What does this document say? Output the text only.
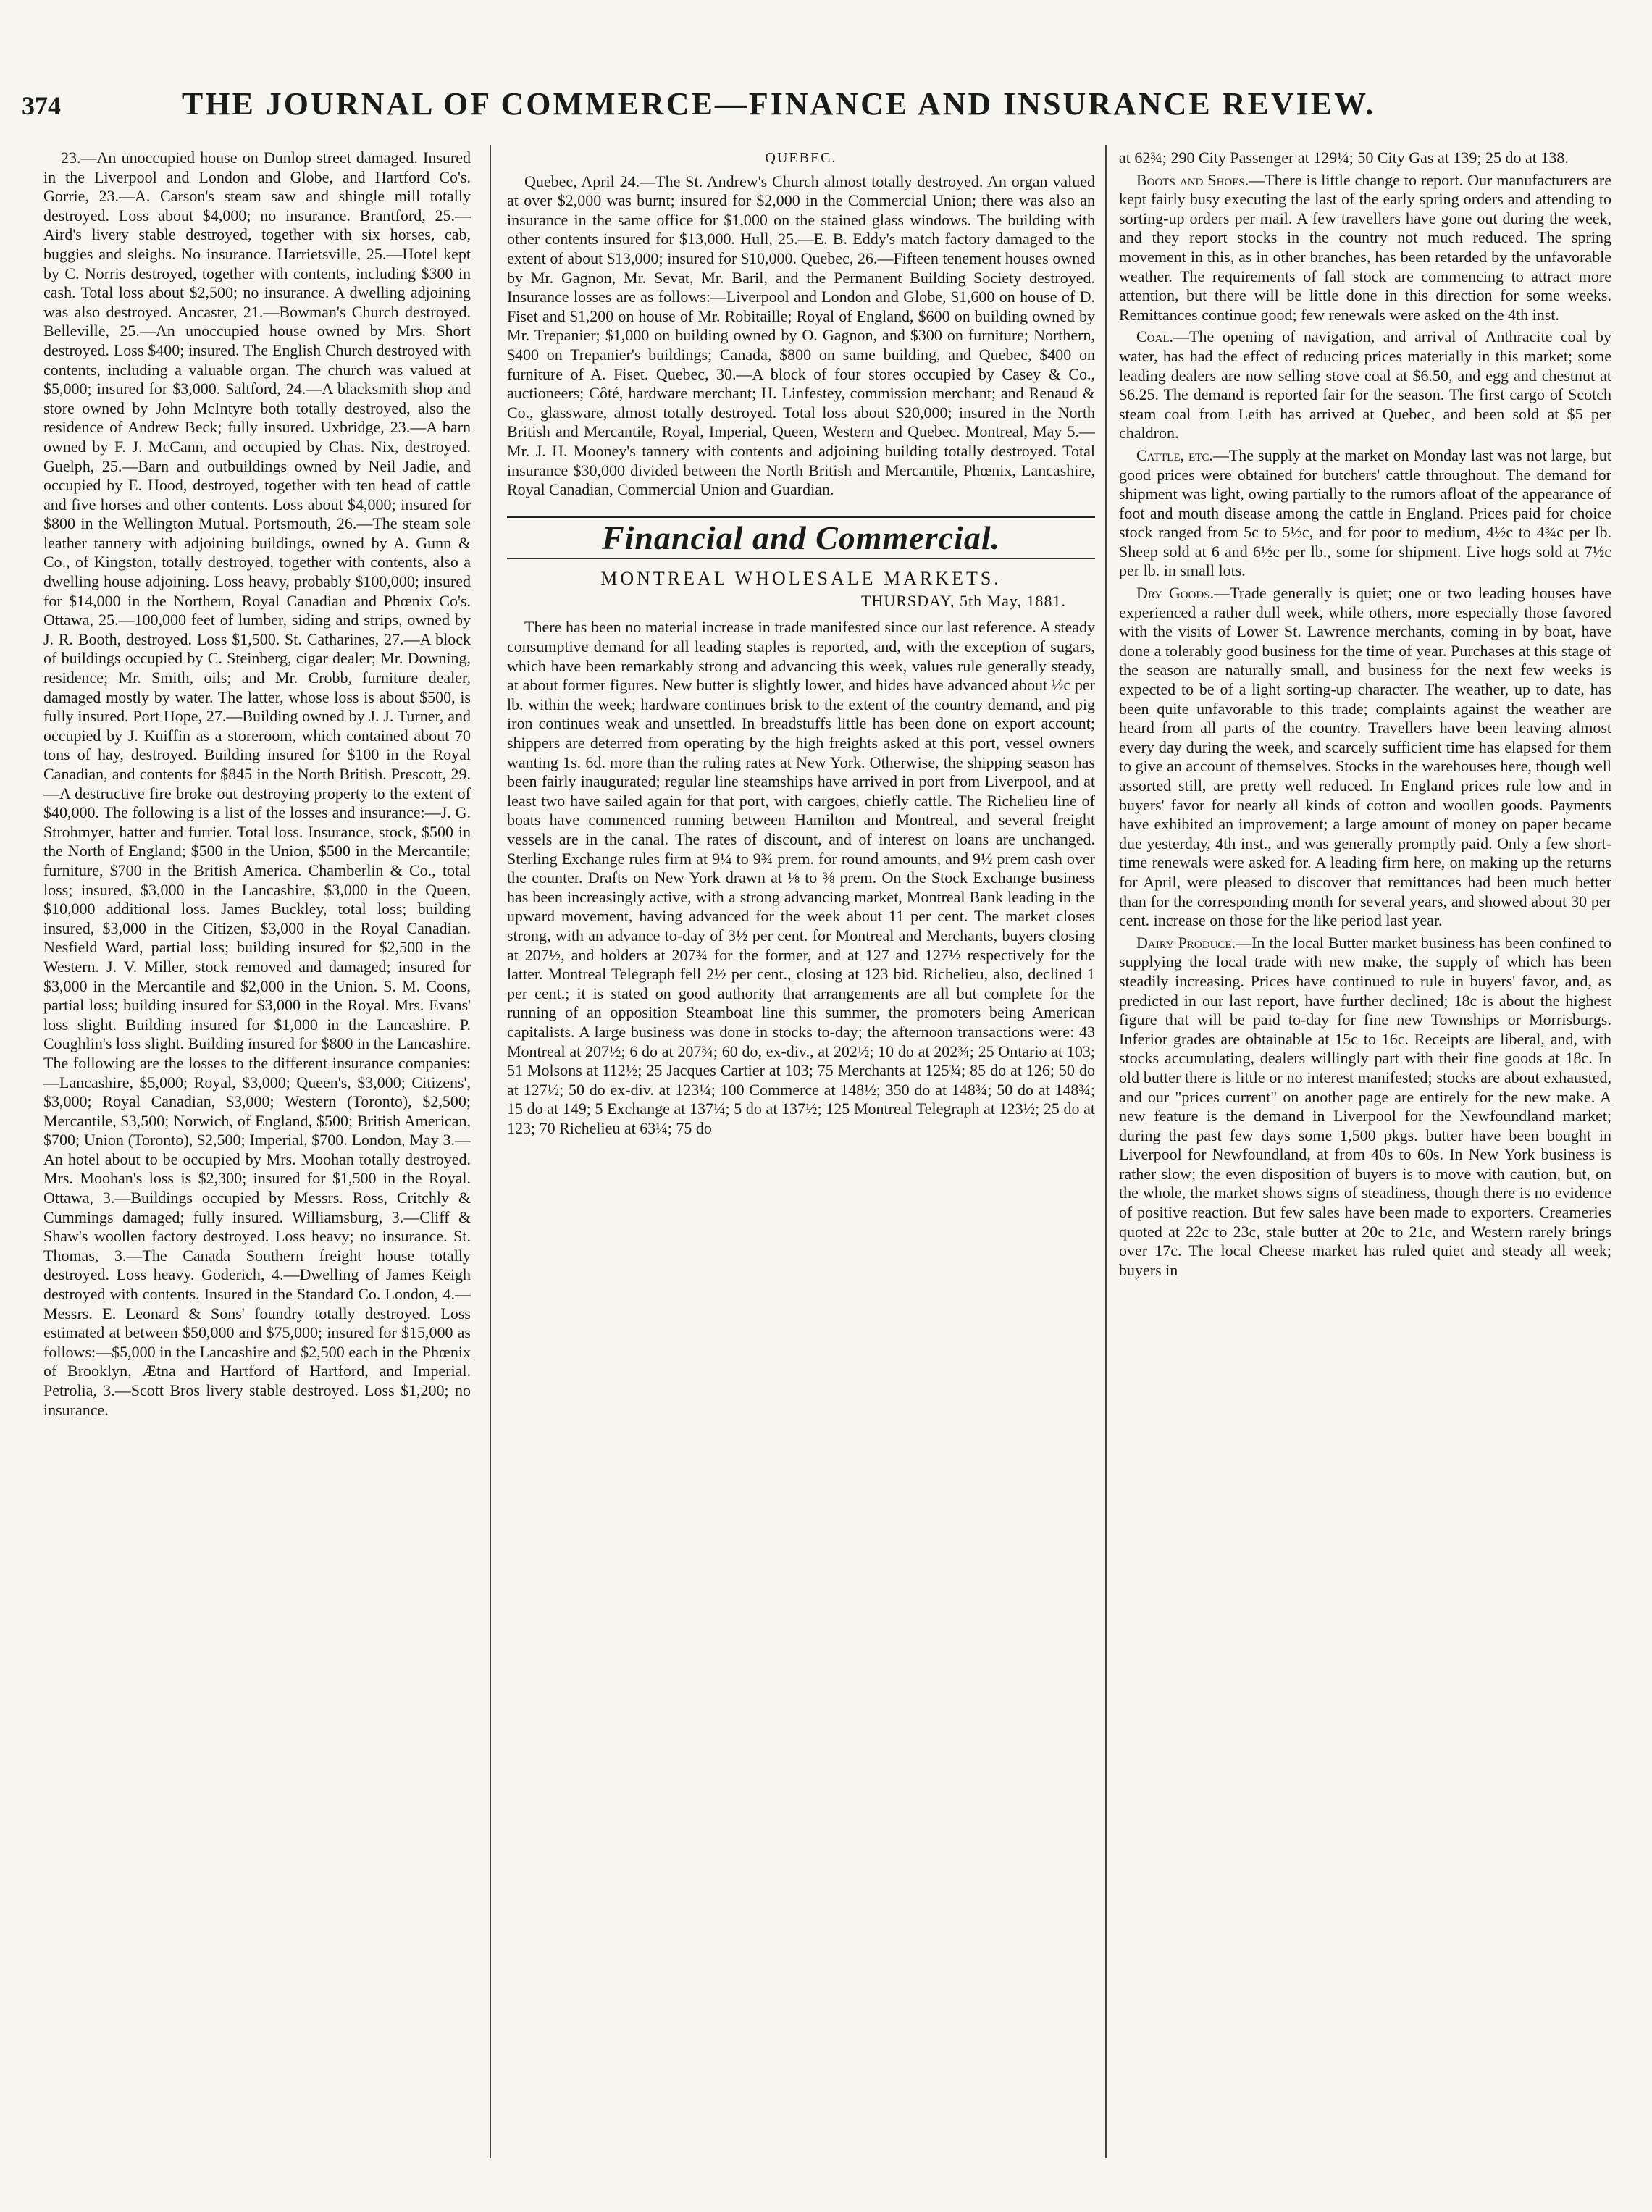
374	THE JOURNAL OF COMMERCE—FINANCE AND INSURANCE REVIEW.

23.—An unoccupied house on Dunlop street damaged. Insured in the Liverpool and London and Globe, and Hartford Co's. Gorrie, 23.—A. Carson's steam saw and shingle mill totally destroyed. Loss about $4,000; no insurance. Brantford, 25.—Aird's livery stable destroyed, together with six horses, cab, buggies and sleighs. No insurance. Harrietsville, 25.—Hotel kept by C. Norris destroyed, together with contents, including $300 in cash. Total loss about $2,500; no insurance. A dwelling adjoining was also destroyed. Ancaster, 21.—Bowman's Church destroyed. Belleville, 25.—An unoccupied house owned by Mrs. Short destroyed. Loss $400; insured. The English Church destroyed with contents, including a valuable organ. The church was valued at $5,000; insured for $3,000. Saltford, 24.—A blacksmith shop and store owned by John McIntyre both totally destroyed, also the residence of Andrew Beck; fully insured. Uxbridge, 23.—A barn owned by F. J. McCann, and occupied by Chas. Nix, destroyed. Guelph, 25.—Barn and outbuildings owned by Neil Jadie, and occupied by E. Hood, destroyed, together with ten head of cattle and five horses and other contents. Loss about $4,000; insured for $800 in the Wellington Mutual. Portsmouth, 26.—The steam sole leather tannery with adjoining buildings, owned by A. Gunn & Co., of Kingston, totally destroyed, together with contents, also a dwelling house adjoining. Loss heavy, probably $100,000; insured for $14,000 in the Northern, Royal Canadian and Phœnix Co's. Ottawa, 25.—100,000 feet of lumber, siding and strips, owned by J. R. Booth, destroyed. Loss $1,500. St. Catharines, 27.—A block of buildings occupied by C. Steinberg, cigar dealer; Mr. Downing, residence; Mr. Smith, oils; and Mr. Crobb, furniture dealer, damaged mostly by water. The latter, whose loss is about $500, is fully insured. Port Hope, 27.—Building owned by J. J. Turner, and occupied by J. Kuiffin as a storeroom, which contained about 70 tons of hay, destroyed. Building insured for $100 in the Royal Canadian, and contents for $845 in the North British. Prescott, 29.—A destructive fire broke out destroying property to the extent of $40,000. The following is a list of the losses and insurance:—J. G. Strohmyer, hatter and furrier. Total loss. Insurance, stock, $500 in the North of England; $500 in the Union, $500 in the Mercantile; furniture, $700 in the British America. Chamberlin & Co., total loss; insured, $3,000 in the Lancashire, $3,000 in the Queen, $10,000 additional loss. James Buckley, total loss; building insured, $3,000 in the Citizen, $3,000 in the Royal Canadian. Nesfield Ward, partial loss; building insured for $2,500 in the Western. J. V. Miller, stock removed and damaged; insured for $3,000 in the Mercantile and $2,000 in the Union. S. M. Coons, partial loss; building insured for $3,000 in the Royal. Mrs. Evans' loss slight. Building insured for $1,000 in the Lancashire. P. Coughlin's loss slight. Building insured for $800 in the Lancashire. The following are the losses to the different insurance companies:—Lancashire, $5,000; Royal, $3,000; Queen's, $3,000; Citizens', $3,000; Royal Canadian, $3,000; Western (Toronto), $2,500; Mercantile, $3,500; Norwich, of England, $500; British American, $700; Union (Toronto), $2,500; Imperial, $700. London, May 3.—An hotel about to be occupied by Mrs. Moohan totally destroyed. Mrs. Moohan's loss is $2,300; insured for $1,500 in the Royal. Ottawa, 3.—Buildings occupied by Messrs. Ross, Critchly & Cummings damaged; fully insured. Williamsburg, 3.—Cliff & Shaw's woollen factory destroyed. Loss heavy; no insurance. St. Thomas, 3.—The Canada Southern freight house totally destroyed. Loss heavy. Goderich, 4.—Dwelling of James Keigh destroyed with contents. Insured in the Standard Co. London, 4.—Messrs. E. Leonard & Sons' foundry totally destroyed. Loss estimated at between $50,000 and $75,000; insured for $15,000 as follows:—$5,000 in the Lancashire and $2,500 each in the Phœnix of Brooklyn, Ætna and Hartford of Hartford, and Imperial. Petrolia, 3.—Scott Bros livery stable destroyed. Loss $1,200; no insurance.

QUEBEC.

Quebec, April 24.—The St. Andrew's Church almost totally destroyed. An organ valued at over $2,000 was burnt; insured for $2,000 in the Commercial Union; there was also an insurance in the same office for $1,000 on the stained glass windows. The building with other contents insured for $13,000. Hull, 25.—E. B. Eddy's match factory damaged to the extent of about $13,000; insured for $10,000. Quebec, 26.—Fifteen tenement houses owned by Mr. Gagnon, Mr. Sevat, Mr. Baril, and the Permanent Building Society destroyed. Insurance losses are as follows:—Liverpool and London and Globe, $1,600 on house of D. Fiset and $1,200 on house of Mr. Robitaille; Royal of England, $600 on building owned by Mr. Trepanier; $1,000 on building owned by O. Gagnon, and $300 on furniture; Northern, $400 on Trepanier's buildings; Canada, $800 on same building, and Quebec, $400 on furniture of A. Fiset. Quebec, 30.—A block of four stores occupied by Casey & Co., auctioneers; Côté, hardware merchant; H. Linfestey, commission merchant; and Renaud & Co., glassware, almost totally destroyed. Total loss about $20,000; insured in the North British and Mercantile, Royal, Imperial, Queen, Western and Quebec. Montreal, May 5.—Mr. J. H. Mooney's tannery with contents and adjoining building totally destroyed. Total insurance $30,000 divided between the North British and Mercantile, Phœnix, Lancashire, Royal Canadian, Commercial Union and Guardian.

Financial and Commercial.
MONTREAL WHOLESALE MARKETS.
THURSDAY, 5th May, 1881.

There has been no material increase in trade manifested since our last reference. A steady consumptive demand for all leading staples is reported, and, with the exception of sugars, which have been remarkably strong and advancing this week, values rule generally steady, at about former figures. New butter is slightly lower, and hides have advanced about ½c per lb. within the week; hardware continues brisk to the extent of the country demand, and pig iron continues weak and unsettled. In breadstuffs little has been done on export account; shippers are deterred from operating by the high freights asked at this port, vessel owners wanting 1s. 6d. more than the ruling rates at New York. Otherwise, the shipping season has been fairly inaugurated; regular line steamships have arrived in port from Liverpool, and at least two have sailed again for that port, with cargoes, chiefly cattle. The Richelieu line of boats have commenced running between Hamilton and Montreal, and several freight vessels are in the canal. The rates of discount, and of interest on loans are unchanged. Sterling Exchange rules firm at 9¼ to 9¾ prem. for round amounts, and 9½ prem cash over the counter. Drafts on New York drawn at ⅛ to ⅜ prem. On the Stock Exchange business has been increasingly active, with a strong advancing market, Montreal Bank leading in the upward movement, having advanced for the week about 11 per cent. The market closes strong, with an advance to-day of 3½ per cent. for Montreal and Merchants, buyers closing at 207½, and holders at 207¾ for the former, and at 127 and 127½ respectively for the latter. Montreal Telegraph fell 2½ per cent., closing at 123 bid. Richelieu, also, declined 1 per cent.; it is stated on good authority that arrangements are all but complete for the running of an opposition Steamboat line this summer, the promoters being American capitalists. A large business was done in stocks to-day; the afternoon transactions were: 43 Montreal at 207½; 6 do at 207¾; 60 do, ex-div., at 202½; 10 do at 202¾; 25 Ontario at 103; 51 Molsons at 112½; 25 Jacques Cartier at 103; 75 Merchants at 125¾; 85 do at 126; 50 do at 127½; 50 do ex-div. at 123¼; 100 Commerce at 148½; 350 do at 148¾; 50 do at 148¾; 15 do at 149; 5 Exchange at 137¼; 5 do at 137½; 125 Montreal Telegraph at 123½; 25 do at 123; 70 Richelieu at 63¼; 75 do

at 62¾; 290 City Passenger at 129¼; 50 City Gas at 139; 25 do at 138.

Boots and Shoes.—There is little change to report. Our manufacturers are kept fairly busy executing the last of the early spring orders and attending to sorting-up orders per mail. A few travellers have gone out during the week, and they report stocks in the country not much reduced. The spring movement in this, as in other branches, has been retarded by the unfavorable weather. The requirements of fall stock are commencing to attract more attention, but there will be little done in this direction for some weeks. Remittances continue good; few renewals were asked on the 4th inst.

Coal.—The opening of navigation, and arrival of Anthracite coal by water, has had the effect of reducing prices materially in this market; some leading dealers are now selling stove coal at $6.50, and egg and chestnut at $6.25. The demand is reported fair for the season. The first cargo of Scotch steam coal from Leith has arrived at Quebec, and been sold at $5 per chaldron.

Cattle, etc.—The supply at the market on Monday last was not large, but good prices were obtained for butchers' cattle throughout. The demand for shipment was light, owing partially to the rumors afloat of the appearance of foot and mouth disease among the cattle in England. Prices paid for choice stock ranged from 5c to 5½c, and for poor to medium, 4½c to 4¾c per lb. Sheep sold at 6 and 6½c per lb., some for shipment. Live hogs sold at 7½c per lb. in small lots.

Dry Goods.—Trade generally is quiet; one or two leading houses have experienced a rather dull week, while others, more especially those favored with the visits of Lower St. Lawrence merchants, coming in by boat, have done a tolerably good business for the time of year. Purchases at this stage of the season are naturally small, and business for the next few weeks is expected to be of a light sorting-up character. The weather, up to date, has been quite unfavorable to this trade; complaints against the weather are heard from all parts of the country. Travellers have been leaving almost every day during the week, and scarcely sufficient time has elapsed for them to give an account of themselves. Stocks in the warehouses here, though well assorted still, are pretty well reduced. In England prices rule low and in buyers' favor for nearly all kinds of cotton and woollen goods. Payments have exhibited an improvement; a large amount of money on paper became due yesterday, 4th inst., and was generally promptly paid. Only a few short-time renewals were asked for. A leading firm here, on making up the returns for April, were pleased to discover that remittances had been much better than for the corresponding month for several years, and showed about 30 per cent. increase on those for the like period last year.

Dairy Produce.—In the local Butter market business has been confined to supplying the local trade with new make, the supply of which has been steadily increasing. Prices have continued to rule in buyers' favor, and, as predicted in our last report, have further declined; 18c is about the highest figure that will be paid to-day for fine new Townships or Morrisburgs. Inferior grades are obtainable at 15c to 16c. Receipts are liberal, and, with stocks accumulating, dealers willingly part with their fine goods at 18c. In old butter there is little or no interest manifested; stocks are about exhausted, and our "prices current" on another page are entirely for the new make. A new feature is the demand in Liverpool for the Newfoundland market; during the past few days some 1,500 pkgs. butter have been bought in Liverpool for Newfoundland, at from 40s to 60s. In New York business is rather slow; the even disposition of buyers is to move with caution, but, on the whole, the market shows signs of steadiness, though there is no evidence of positive reaction. But few sales have been made to exporters. Creameries quoted at 22c to 23c, stale butter at 20c to 21c, and Western rarely brings over 17c. The local Cheese market has ruled quiet and steady all week; buyers in
